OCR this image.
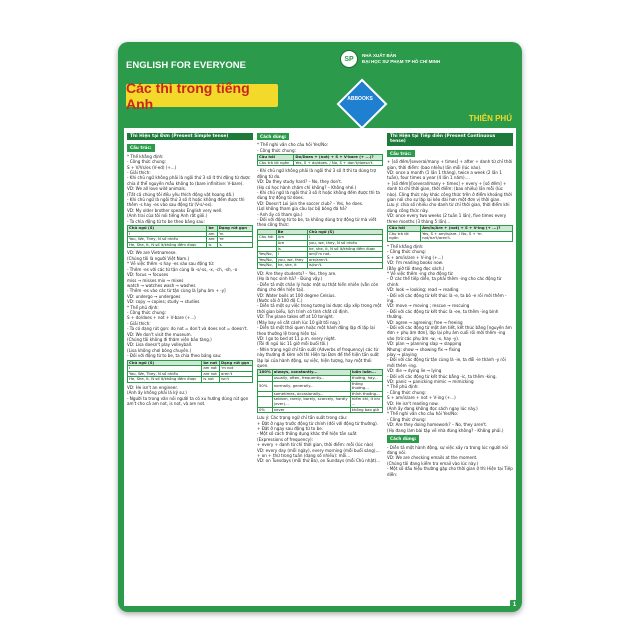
ENGLISH FOR EVERYONE
SP	NHÀ XUẤT BẢN
ĐẠI HỌC SƯ PHẠM TP HỒ CHÍ MINH
Các thì trong tiếng Anh	ABBOOKS
THIÊN PHÚ
Thì Hiện tại Đơn (Present Simple tense)
Cấu trúc:
* Thể khẳng định:
- Công thức chung:
S + V/Vs/es (V-ed) (+...)
- Giải thích:
- Khi chủ ngữ không phải là ngôi thứ 3 số ít thì động từ được chia ở thể nguyên mẫu không to (bare infinitive: V-bare).
VD: We all love wild animals.
(Tất cả chúng tôi đều yêu thích động vật hoang dã.)
- Khi chủ ngữ là ngôi thứ 3 số ít hoặc không đếm được thì thêm -s hay -es vào sau động từ (V-s/-es).
VD: My older brother speaks English very well.
(Anh trai của tôi nói tiếng Anh rất giỏi.)
- Ta chia động từ to be theo bảng sau:
Chủ ngữ (S)	be	Dạng rút gọn
I	am	'm
You, We, They, N số nhiều	are	're
He, She, It, N số ít/không đếm được	is	's
VD: We are Vietnamese.
(Chúng tôi là người Việt Nam.)
* Về việc thêm -s hay -es vào sau động từ:
- Thêm -es với các từ tận cùng là -s/-ss, -x, -ch, -sh, -o
VD: focus → focuses
miss → misses mix → mixes
watch → watches wash → washes
- Thêm -es vào các từ tận cùng là [phụ âm + -y]
VD: undergo → undergoes
VD: copy → copies; study → studies
* Thể phủ định:
- Công thức chung:
S + do/does + not + V-bare (+...)
- Giải thích:
- Ta có dạng rút gọn: do not = don't và does not = doesn't.
VD: We don't visit the museum.
(Chúng tôi không đi thăm viện bảo tàng.)
VD: Lisa doesn't play volleyball.
(Lisa không chơi bóng chuyền.)
- Đối với động từ to be, ta chia theo bảng sau:
Chủ ngữ (S)	be not	Dạng rút gọn
I	am not	'm not
You, We, They, N số nhiều	are not	aren't
He, She, It, N số ít/không đếm được	is not	isn't
VD: He isn't an engineer.
(Anh ấy không phải là kỹ sư.)
- Người ta trong văn nói người ta có xu hướng dùng rút gọn am't cho cả am not, is not, và are not.
Cách dùng:
* Thể nghi vấn cho câu hỏi Yes/No:
- Công thức chung:
Câu hỏi	Do/Does + (not) + S + V-bare (+ ...)?
Câu trả lời ngắn	Yes, S + do/does. / No, S + don't/doesn't.
- Khi chủ ngữ không phải là ngôi thứ 3 số ít thì ta dùng trợ động từ do.
VD: Do they study hard? – No, they don't.
(Họ có học hành chăm chỉ không? – Không nhé.)
- Khi chủ ngữ là ngôi thứ 3 số ít hoặc không đếm được thì ta dùng trợ động từ does.
VD: Doesn't Loi join the soccer club? – Yes, he does.
(Lợi không tham gia câu lạc bộ bóng đá hả?
- Anh ấy có tham gia.)
- Đối với động từ to be, ta không dùng trợ động từ mà viết theo công thức:
	Be	Chủ ngữ (S)
Câu hỏi	Am	I
	Are	you, we, they, N số nhiều
	Is	he, she, it, N số ít/không đếm được
Yes/No,	I	am/I'm not.
Yes/No,	you, we, they	are/aren't.
Yes/No,	he, she, it	is/isn't.
VD: Are they students? – Yes, they are.
(Họ là học sinh hả? - Đúng vậy.)
- Diễn tả một chân lý hoặc một sự thật hiển nhiên (vẫn còn đúng cho đến hiện tại).
VD: Water boils at 100 degree Celsius.
(Nước sôi ở 100 độ C.)
- Diễn tả một sự việc trong tương lai được sắp xếp trong một thời gian biểu, lịch trình có tính chất cố định.
VD: The plane takes off at 10 tonight.
(Máy bay sẽ cất cánh lúc 10 giờ tối nay.)
- Diễn tả một thói quen hoặc một hành động lặp đi lặp lại theo thường lệ trong hiện tại.
VD: I go to bed at 11 p.m. every night.
(Tôi đi ngủ lúc 11 giờ mỗi buổi tối.)
- Nhìn trạng ngữ chỉ tần suất (Adverbs of frequency) các từ này thường đi kèm với thì Hiện tại Đơn để thể hiện tần suất lặp lại của hành động, sự việc, hiện tượng, hay một thói quen.
100%	always, constantly...	luôn luôn...
	usually, often, frequently...	thường, hay...
50%	normally, generally...	thông thường...
	sometimes, occasionally...	thỉnh thoảng...
	seldom, rarely, barely, scarcely, hardly (ever)...	hiếm khi, ít khi ...
0%	never	không bao giờ
Lưu ý: Các trạng ngữ chỉ tần suất trong câu:
+ Đặt ở ngay trước động từ chính (đối với động từ thường).
+ Đặt ở ngay sau động từ to be.
- Một số cách thông dụng khác thể hiện tần suất (Expressions of frequency):
+ every + danh từ chỉ thời gian, thời điểm: mỗi (lúc nào)
VD: every day (mỗi ngày), every morning (mỗi buổi sáng),...
+ on + thứ trong tuần (dạng số nhiều): mỗi...
VD: on Tuesdays (mỗi thứ Ba), on Sundays (mỗi Chủ nhật)...
Thì Hiện tại Tiếp diễn (Present Continuous tense)
Cấu trúc:
+ [số đếm/[several/many + times] + after + danh từ chỉ thời gian, thời điểm: (bao nhiêu) lần mỗi (lúc nào).
VD: once a month (1 lần 1 tháng), twice a week (2 lần 1 tuần), four times a year (4 lần 1 năm)....
+ [số đếm]/[several/many + times] + every + [số đếm] + danh từ chỉ thời gian, thời điểm: (bao nhiêu) lần mỗi (lúc nào). Công thức này khác công thức trên ở điểm khoảng thời gian nói cho sự lặp lại kéo dài hơn một đơn vị thời gian.
Lưu ý: chia số nhiều cho danh từ chỉ thời gian, thời điểm khi dùng công thức này.
VD: once every two weeks (2 tuần 1 lần), five times every three months (3 tháng 5 lần)...
Câu hỏi	Am/Is/Are + (not) + S + V-ing (+ ...)?
Câu trả lời ngắn	Yes, S + am/is/are. / No, S + 'm not/isn't/aren't.
* Thể khẳng định:
- Công thức chung:
S + am/is/are + V-ing (+...)
VD: I'm reading books now.
(Bây giờ tôi đang đọc sách.)
* Về việc thêm -ing cho động từ:
- Ở các thể tiếp diễn, ta phải thêm -ing cho các động từ chính.
VD: look → looking; read → reading
- Đối với các động từ kết thúc là -e, ta bỏ -e rồi mới thêm -ing.
VD: move → moving ; rescue → rescuing
- Đối với các động từ kết thúc là -ee, ta thêm -ing bình thường.
VD: agree → agreeing; free → freeing
- Đối với các động từ một âm tiết, kết thúc bằng [nguyên âm đơn + phụ âm đơn], lặp lại phụ âm cuối rồi mới thêm -ing vào (trừ các phụ âm -w, -x, hay -y).
VD: plan → planning slap → slapping
Nhưng: show → showing fix → fixing
play → playing
- Đối với các động từ tận cùng là -ie, ta đổi -ie thành -y rồi mới thêm -ing.
VD: die → dying lie → lying
- Đối với các động từ kết thúc bằng -ic, ta thêm -king.
VD: panic → panicking mimic → mimicking
* Thể phủ định:
- Công thức chung:
S + am/is/are + not + V-ing (+...)
VD: He isn't reading now.
(Anh ấy đang không đọc sách ngay lúc này.)
* Thể nghi vấn cho câu hỏi Yes/No:
- Công thức chung:
VD: Are they doing homework? – No, they aren't.
(Họ đang làm bài tập về nhà đúng không? - Không phải.)
Cách dùng:
- Diễn tả một hành động, sự việc xảy ra trong lúc người nói đang nói.
VD: We are checking emails at the moment.
(Chúng tôi đang kiểm tra email vào lúc này.)
- Một số dấu hiệu thường gặp cho thời gian ở thì Hiện tại Tiếp diễn:
1
